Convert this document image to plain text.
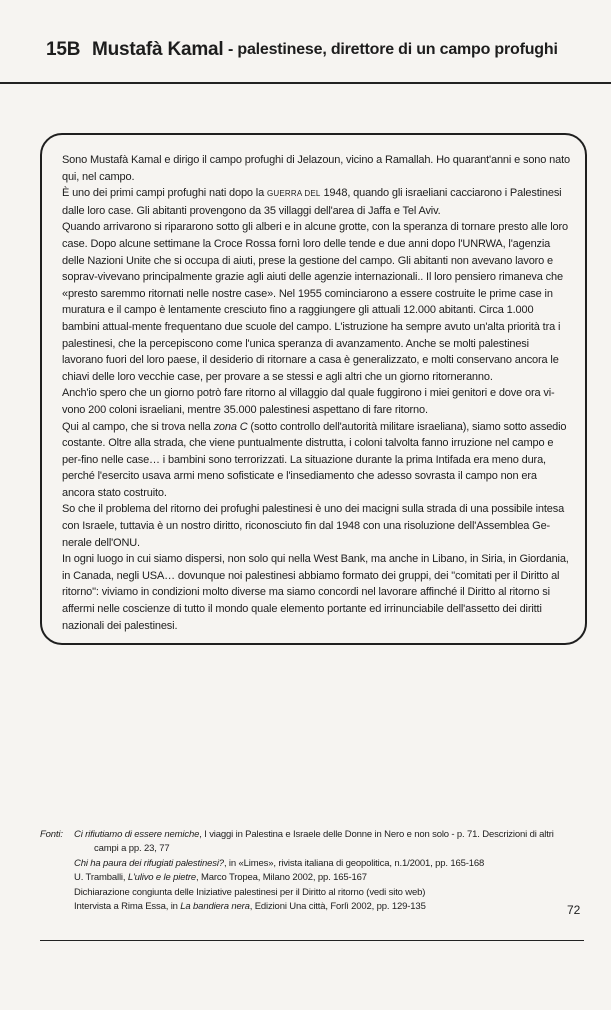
15B Mustafà Kamal - palestinese, direttore di un campo profughi

Sono Mustafà Kamal e dirigo il campo profughi di Jelazoun, vicino a Ramallah. Ho quarant'anni e sono nato qui, nel campo.

È uno dei primi campi profughi nati dopo la GUERRA DEL 1948, quando gli israeliani cacciarono i Palestinesi dalle loro case. Gli abitanti provengono da 35 villaggi dell'area di Jaffa e Tel Aviv.

Quando arrivarono si ripararono sotto gli alberi e in alcune grotte, con la speranza di tornare presto alle loro case. Dopo alcune settimane la Croce Rossa fornì loro delle tende e due anni dopo l'UNRWA, l'agenzia delle Nazioni Unite che si occupa di aiuti, prese la gestione del campo. Gli abitanti non avevano lavoro e soprav-vivevano principalmente grazie agli aiuti delle agenzie internazionali.. Il loro pensiero rimaneva che «presto saremmo ritornati nelle nostre case». Nel 1955 cominciarono a essere costruite le prime case in muratura e il campo è lentamente cresciuto fino a raggiungere gli attuali 12.000 abitanti. Circa 1.000 bambini attual-mente frequentano due scuole del campo. L'istruzione ha sempre avuto un'alta priorità tra i palestinesi, che la percepiscono come l'unica speranza di avanzamento. Anche se molti palestinesi lavorano fuori del loro paese, il desiderio di ritornare a casa è generalizzato, e molti conservano ancora le chiavi delle loro vecchie case, per provare a se stessi e agli altri che un giorno ritorneranno.

Anch'io spero che un giorno potrò fare ritorno al villaggio dal quale fuggirono i miei genitori e dove ora vi-vono 200 coloni israeliani, mentre 35.000 palestinesi aspettano di fare ritorno.

Qui al campo, che si trova nella zona C (sotto controllo dell'autorità militare israeliana), siamo sotto assedio costante. Oltre alla strada, che viene puntualmente distrutta, i coloni talvolta fanno irruzione nel campo e per-fino nelle case… i bambini sono terrorizzati. La situazione durante la prima Intifada era meno dura, perché l'esercito usava armi meno sofisticate e l'insediamento che adesso sovrasta il campo non era ancora stato costruito.

So che il problema del ritorno dei profughi palestinesi è uno dei macigni sulla strada di una possibile intesa con Israele, tuttavia è un nostro diritto, riconosciuto fin dal 1948 con una risoluzione dell'Assemblea Ge-nerale dell'ONU.

In ogni luogo in cui siamo dispersi, non solo qui nella West Bank, ma anche in Libano, in Siria, in Giordania, in Canada, negli USA… dovunque noi palestinesi abbiamo formato dei gruppi, dei "comitati per il Diritto al ritorno": viviamo in condizioni molto diverse ma siamo concordi nel lavorare affinché il Diritto al ritorno si affermi nelle coscienze di tutto il mondo quale elemento portante ed irrinunciabile dell'assetto dei diritti nazionali dei palestinesi.

Fonti: Ci rifiutiamo di essere nemiche, I viaggi in Palestina e Israele delle Donne in Nero e non solo - p. 71. Descrizioni di altri

campi a pp. 23, 77

Chi ha paura dei rifugiati palestinesi?, in «Limes», rivista italiana di geopolitica, n.1/2001, pp. 165-168

U. Tramballi, L'ulivo e le pietre, Marco Tropea, Milano 2002, pp. 165-167

Dichiarazione congiunta delle Iniziative palestinesi per il Diritto al ritorno (vedi sito web)

Intervista a Rima Essa, in La bandiera nera, Edizioni Una città, Forlì 2002, pp. 129-135	72
